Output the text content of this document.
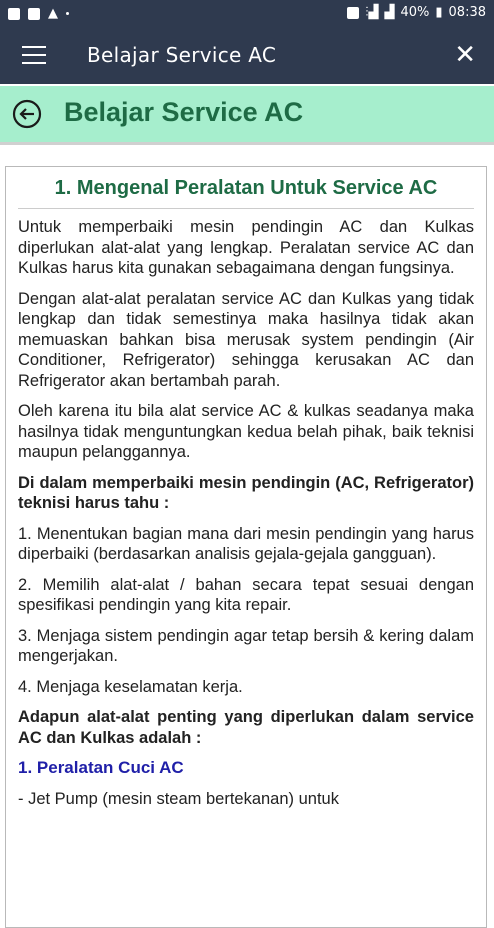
▲	⫶▟ ▟ 40% ▮ 08:38
Belajar Service AC	✕
Belajar Service AC
1. Mengenal Peralatan Untuk Service AC

Untuk memperbaiki mesin pendingin AC dan Kulkas diperlukan alat-alat yang lengkap. Peralatan service AC dan Kulkas harus kita gunakan sebagaimana dengan fungsinya.

Dengan alat-alat peralatan service AC dan Kulkas yang tidak lengkap dan tidak semestinya maka hasilnya tidak akan memuaskan bahkan bisa merusak system pendingin (Air Conditioner, Refrigerator) sehingga kerusakan AC dan Refrigerator akan bertambah parah.

Oleh karena itu bila alat service AC & kulkas seadanya maka hasilnya tidak menguntungkan kedua belah pihak, baik teknisi maupun pelanggannya.

Di dalam memperbaiki mesin pendingin (AC, Refrigerator) teknisi harus tahu :

1. Menentukan bagian mana dari mesin pendingin yang harus diperbaiki (berdasarkan analisis gejala-gejala gangguan).

2. Memilih alat-alat / bahan secara tepat sesuai dengan spesifikasi pendingin yang kita repair.

3. Menjaga sistem pendingin agar tetap bersih & kering dalam mengerjakan.

4. Menjaga keselamatan kerja.

Adapun alat-alat penting yang diperlukan dalam service AC dan Kulkas adalah :

1. Peralatan Cuci AC

- Jet Pump (mesin steam bertekanan) untuk
